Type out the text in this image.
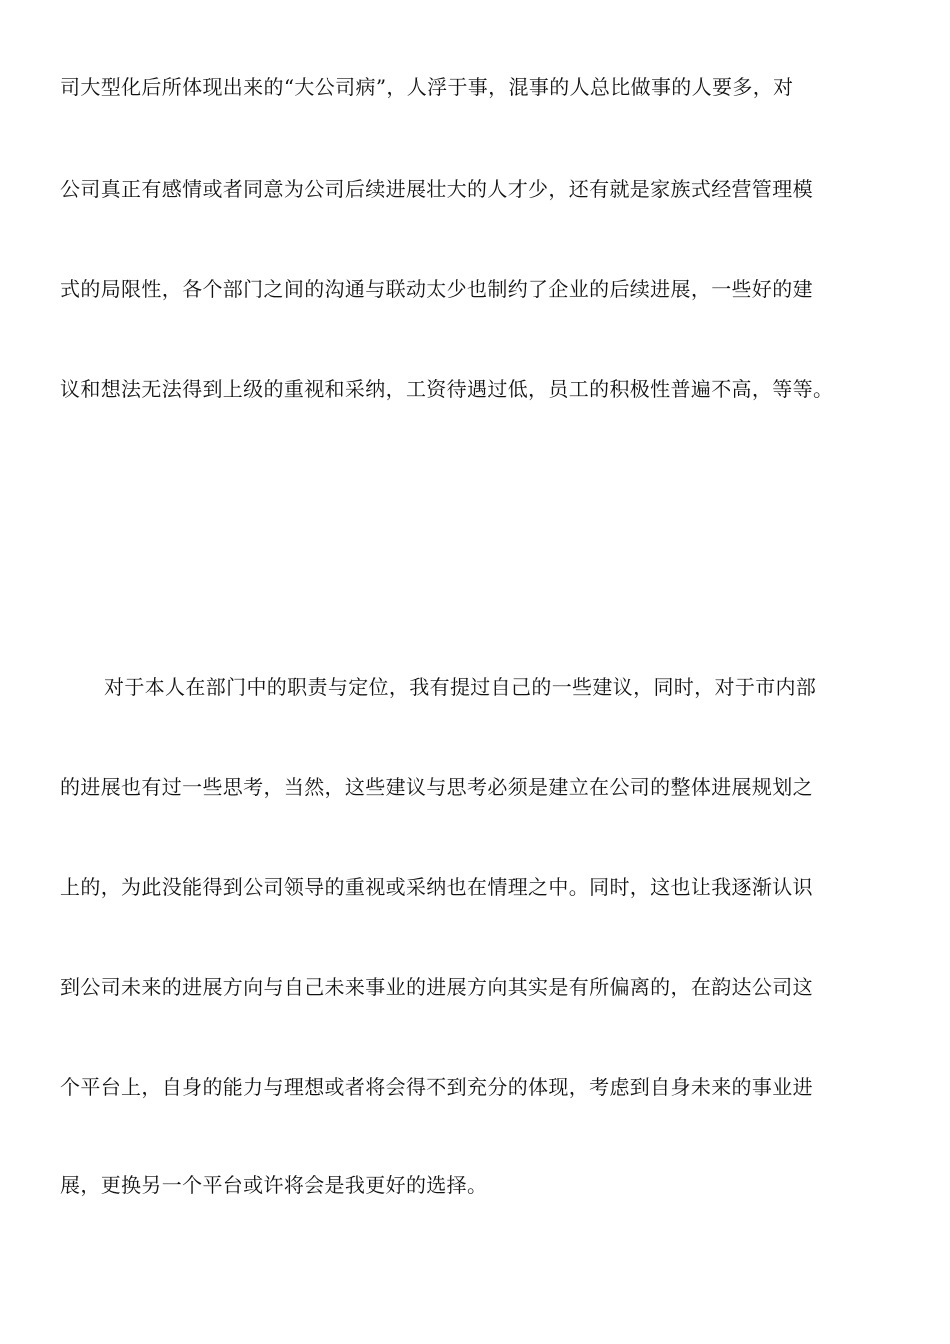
司大型化后所体现出来的“大公司病”，人浮于事，混事的人总比做事的人要多，对
公司真正有感情或者同意为公司后续进展壮大的人才少，还有就是家族式经营管理模
式的局限性，各个部门之间的沟通与联动太少也制约了企业的后续进展，一些好的建
议和想法无法得到上级的重视和采纳，工资待遇过低，员工的积极性普遍不高，等等。
对于本人在部门中的职责与定位，我有提过自己的一些建议，同时，对于市内部
的进展也有过一些思考，当然，这些建议与思考必须是建立在公司的整体进展规划之
上的，为此没能得到公司领导的重视或采纳也在情理之中。同时，这也让我逐渐认识
到公司未来的进展方向与自己未来事业的进展方向其实是有所偏离的，在韵达公司这
个平台上，自身的能力与理想或者将会得不到充分的体现，考虑到自身未来的事业进
展，更换另一个平台或许将会是我更好的选择。
